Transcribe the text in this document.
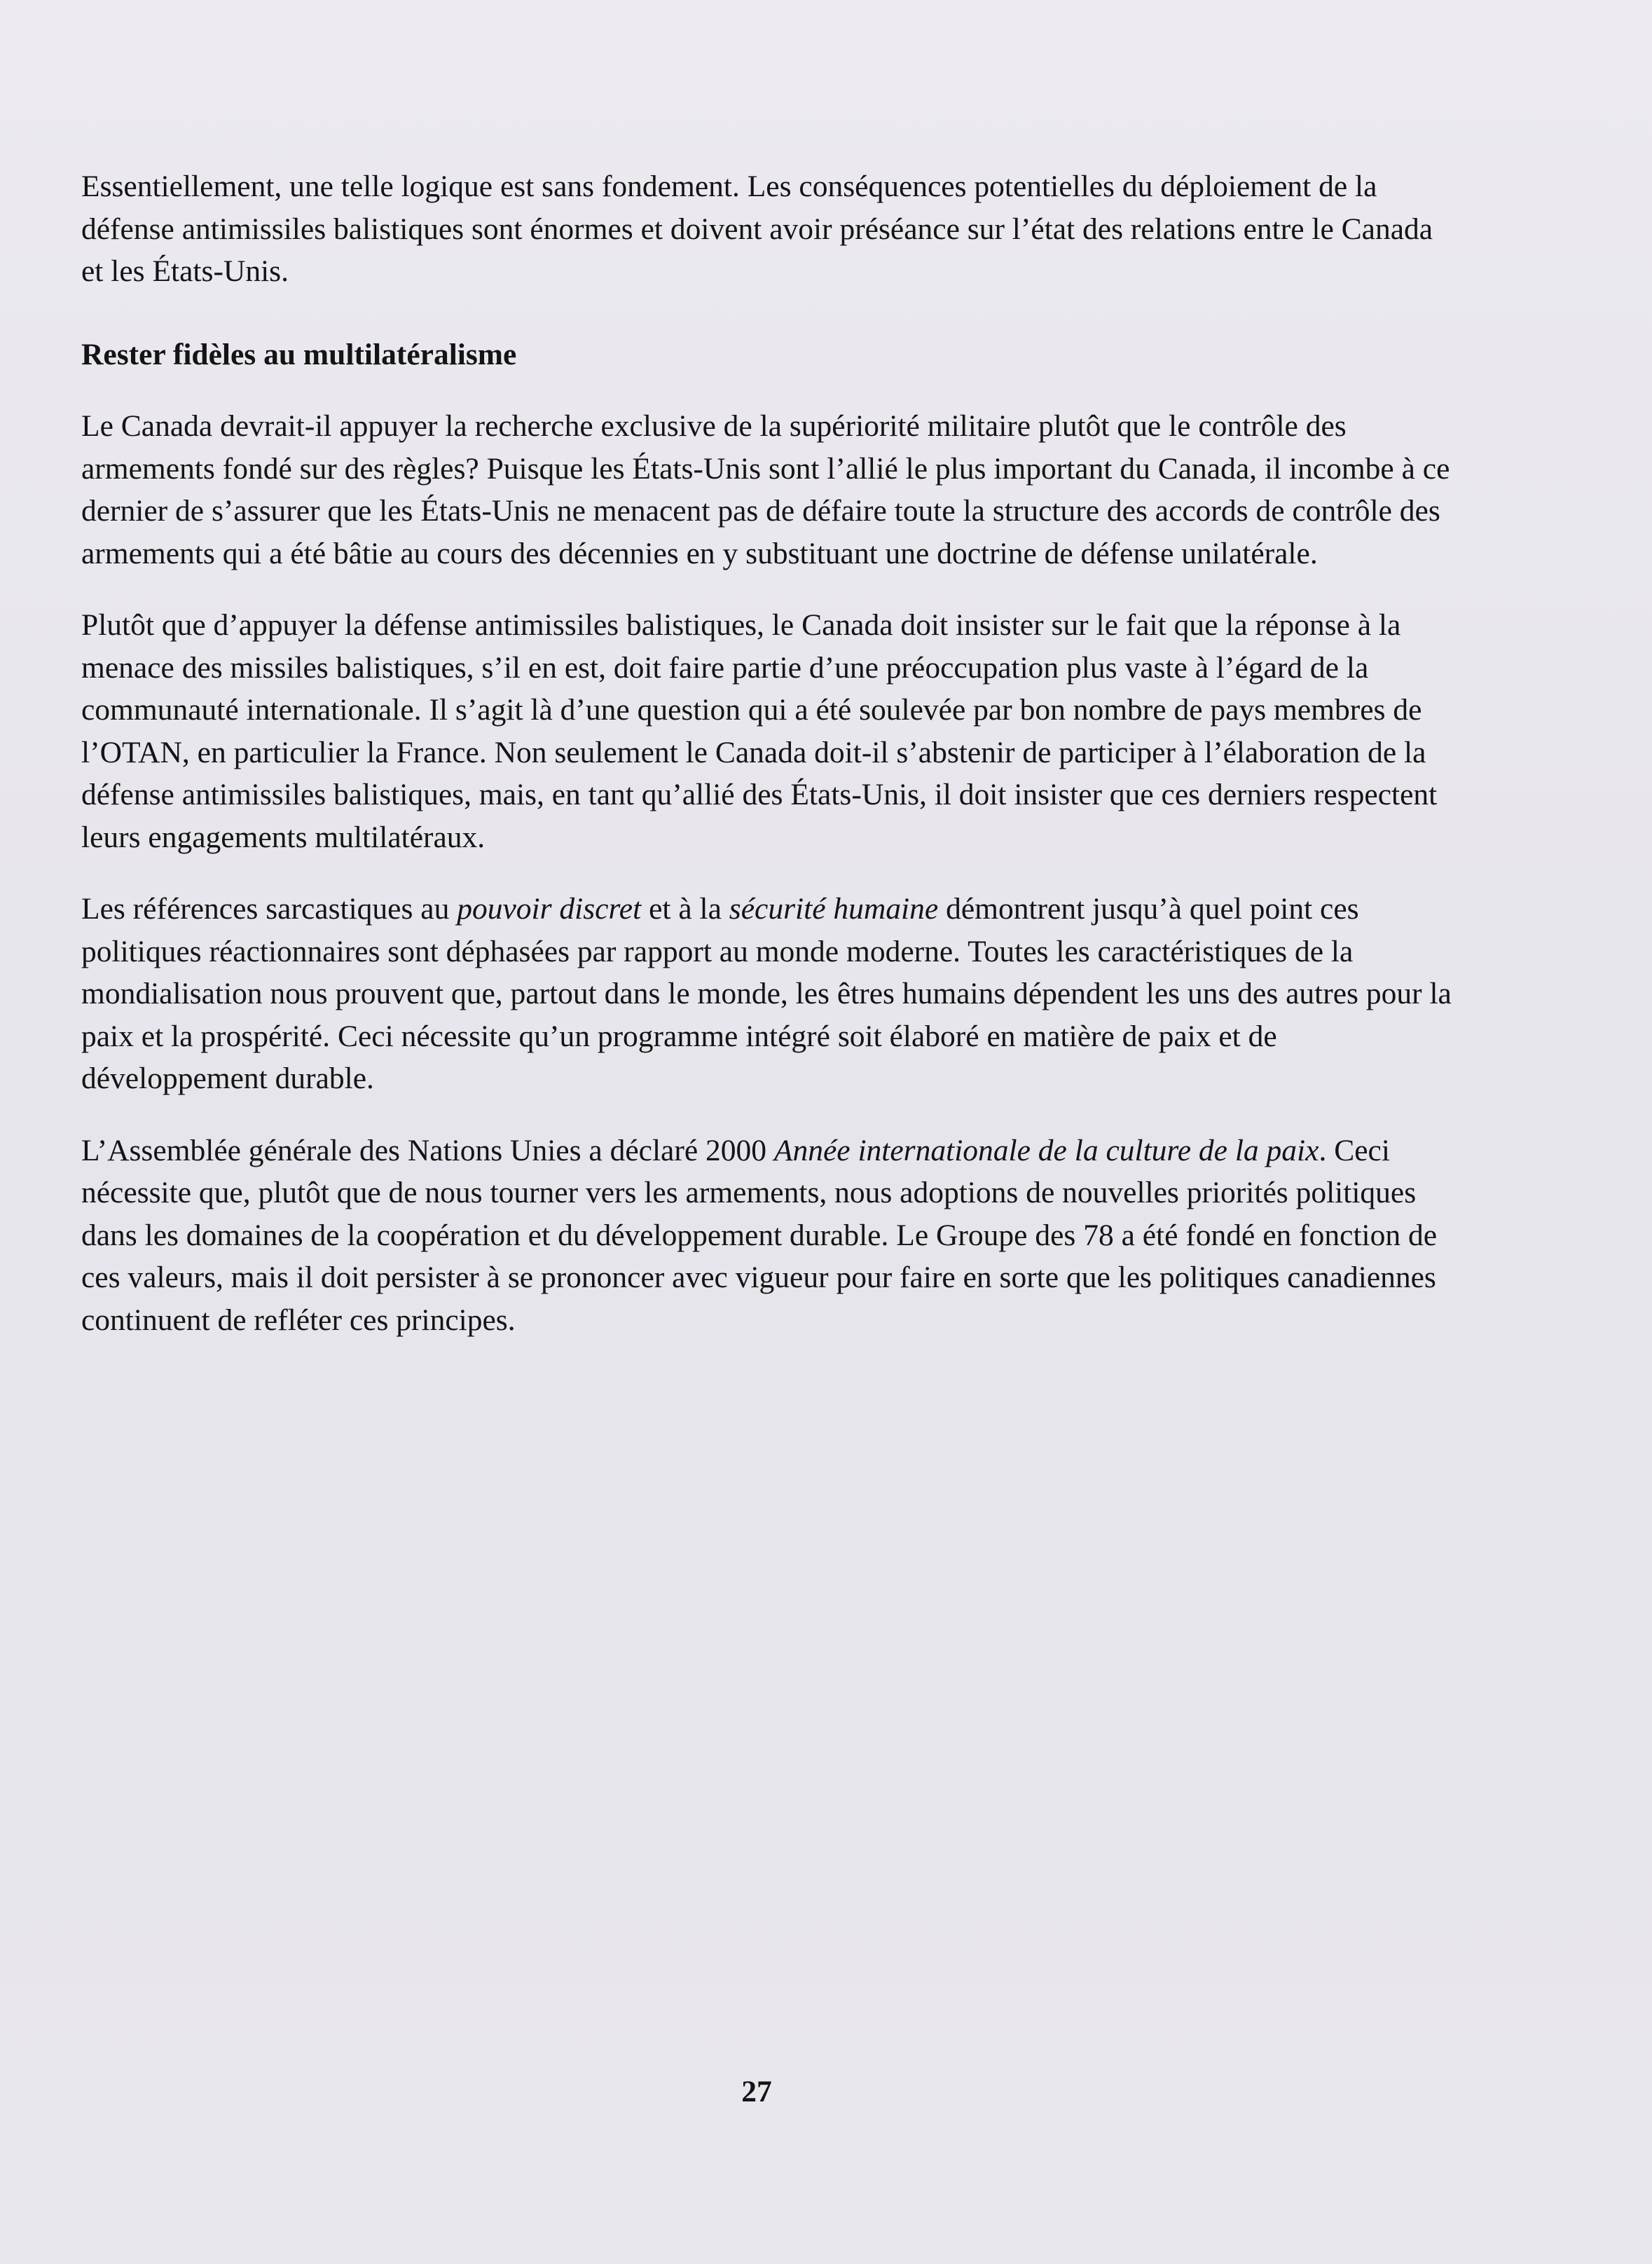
Essentiellement, une telle logique est sans fondement. Les conséquences potentielles du déploiement de la défense antimissiles balistiques sont énormes et doivent avoir préséance sur l’état des relations entre le Canada et les États-Unis.

Rester fidèles au multilatéralisme

Le Canada devrait-il appuyer la recherche exclusive de la supériorité militaire plutôt que le contrôle des armements fondé sur des règles? Puisque les États-Unis sont l’allié le plus important du Canada, il incombe à ce dernier de s’assurer que les États-Unis ne menacent pas de défaire toute la structure des accords de contrôle des armements qui a été bâtie au cours des décennies en y substituant une doctrine de défense unilatérale.

Plutôt que d’appuyer la défense antimissiles balistiques, le Canada doit insister sur le fait que la réponse à la menace des missiles balistiques, s’il en est, doit faire partie d’une préoccupation plus vaste à l’égard de la communauté internationale. Il s’agit là d’une question qui a été soulevée par bon nombre de pays membres de l’OTAN, en particulier la France. Non seulement le Canada doit-il s’abstenir de participer à l’élaboration de la défense antimissiles balistiques, mais, en tant qu’allié des États-Unis, il doit insister que ces derniers respectent leurs engagements multilatéraux.

Les références sarcastiques au pouvoir discret et à la sécurité humaine démontrent jusqu’à quel point ces politiques réactionnaires sont déphasées par rapport au monde moderne. Toutes les caractéristiques de la mondialisation nous prouvent que, partout dans le monde, les êtres humains dépendent les uns des autres pour la paix et la prospérité. Ceci nécessite qu’un programme intégré soit élaboré en matière de paix et de développement durable.

L’Assemblée générale des Nations Unies a déclaré 2000 Année internationale de la culture de la paix. Ceci nécessite que, plutôt que de nous tourner vers les armements, nous adoptions de nouvelles priorités politiques dans les domaines de la coopération et du développement durable. Le Groupe des 78 a été fondé en fonction de ces valeurs, mais il doit persister à se prononcer avec vigueur pour faire en sorte que les politiques canadiennes continuent de refléter ces principes.

27
